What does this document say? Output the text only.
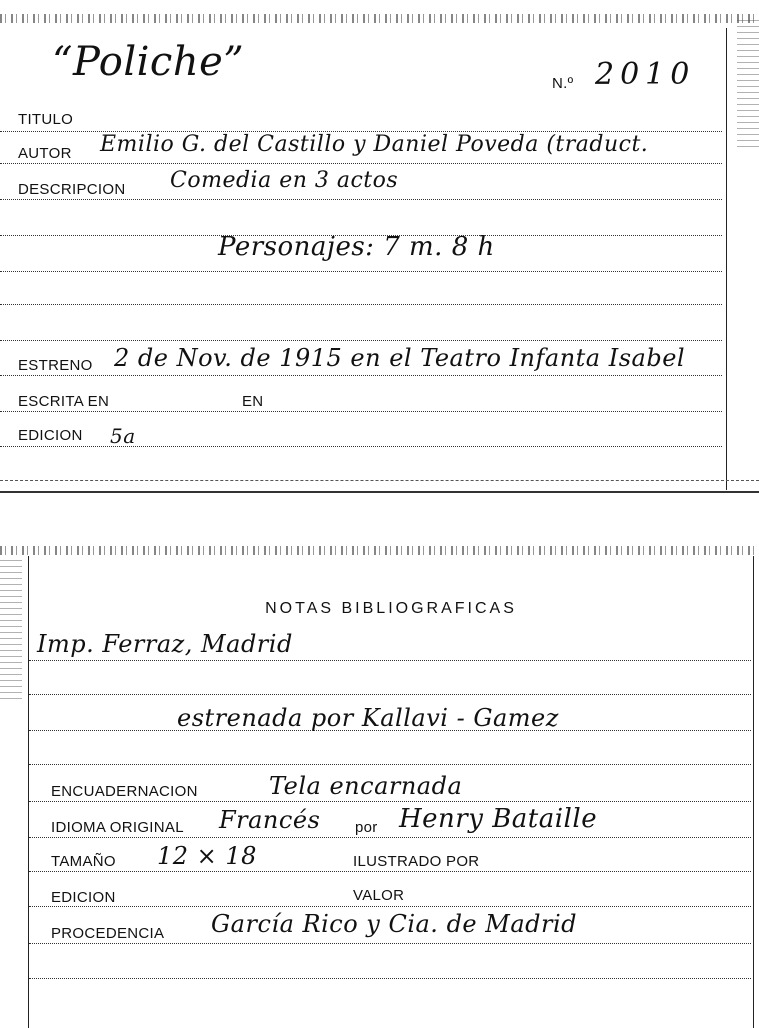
“Poliche”	N.º 2010
TITULO
AUTOR Emilio G. del Castillo y Daniel Poveda (traduct.
DESCRIPCION Comedia en 3 actos
Personajes: 7 m. 8 h
ESTRENO 2 de Nov. de 1915 en el Teatro Infanta Isabel
ESCRITA EN	EN
EDICION 5a
NOTAS BIBLIOGRAFICAS
Imp. Ferraz, Madrid
estrenada por Kallavi - Gamez
ENCUADERNACION	Tela encarnada
IDIOMA ORIGINAL Francés por Henry Bataille
TAMAÑO 12 × 18	ILUSTRADO POR
EDICION	VALOR
PROCEDENCIA García Rico y Cia. de Madrid
